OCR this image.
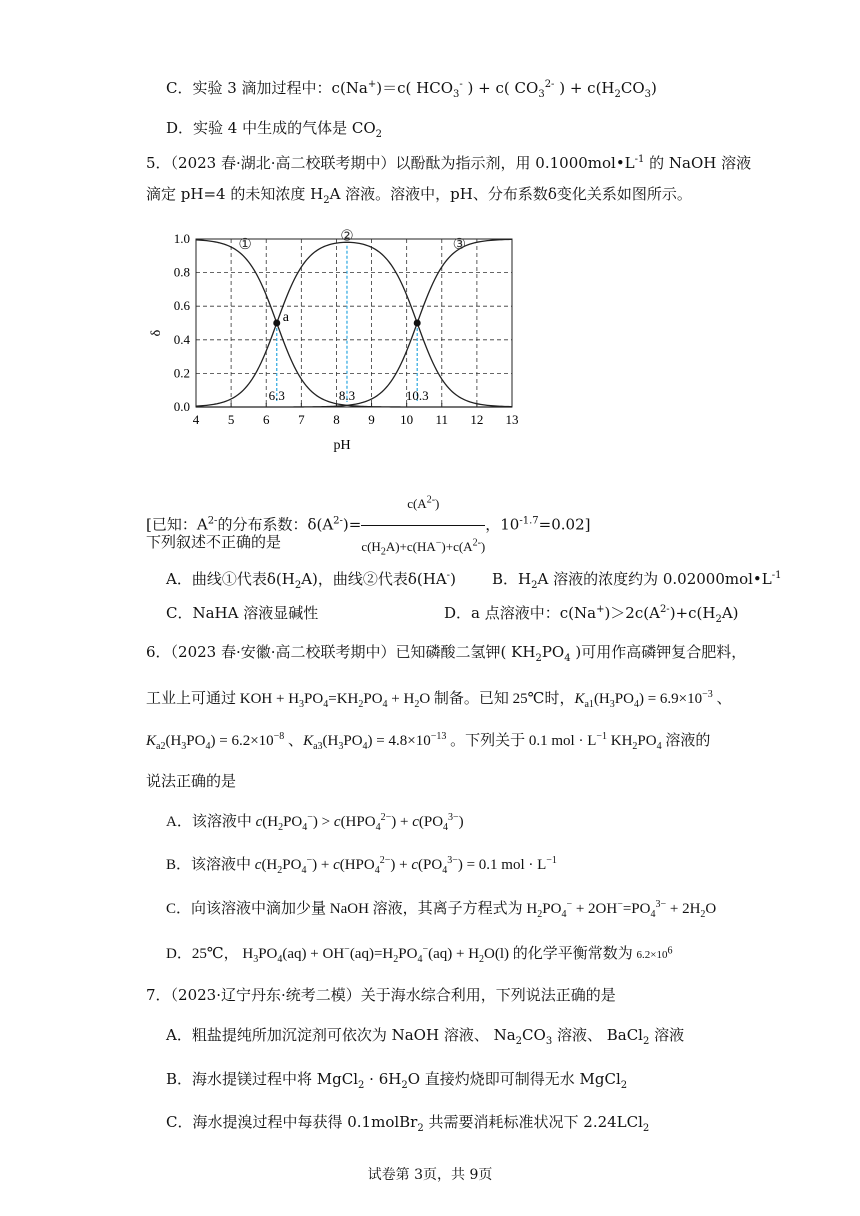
C．实验 3 滴加过程中：c(Na+)＝c( $HCO_3^-$ ) + c( $CO_3^{2-}$ ) + $c(H_2CO_3)$
D．实验 4 中生成的气体是 $CO_2$
5．（2023 春·湖北·高二校联考期中）以酚酞为指示剂，用 $0.1000mol•L^{-1}$ 的 NaOH 溶液
滴定 pH=4 的未知浓度 $H_2A$ 溶液。溶液中，pH、分布系数δ变化关系如图所示。
6.3	8.3	10.3
a
4 5 6 7 8 9 10 11 12 13
0.0
0.2
0.4
0.6
0.8
1.0	①
②
③
pH
δ
[已知：$A^{2-}$的分布系数：$\delta(A^{2-})= \frac{c(A^{2-})}{c(H_2A)+c(HA^-)+c(A^{2-})}$ ，$10^{-1.7}=0.02$]
下列叙述不正确的是
A．曲线①代表$\delta(H_2A)$，曲线②代表δ(HA-) B．$H_2A$ 溶液的浓度约为 $0.02000mol•L^{-1}$
C．NaHA 溶液显碱性	D．a 点溶液中：$c(Na^+)>2c(A^{2-})+c(H_2A)$
6．（2023 春·安徽·高二校联考期中）已知磷酸二氢钾( $KH_2PO_4$ )可用作高磷钾复合肥料，
工业上可通过 KOH + $H_3PO_4=KH_2PO_4 + H_2O$ 制备。已知 25℃时，$K_{a1}(H_3PO_4) = 6.9\times 10^{-3}$ 、
$K_{a2}(H_3PO_4) = 6.2\times 10^{-8}$ 、$K_{a3}(H_3PO_4) = 4.8\times 10^{-13}$ 。下列关于 0.1 mol · $L^{-1}$ $KH_2PO_4$ 溶液的
说法正确的是
A．该溶液中 $c(H_2PO_4^-) > c(HPO_4^{2-}) + c(PO_4^{3-})$
B．该溶液中 $c(H_2PO_4^-) + c(HPO_4^{2-}) + c(PO_4^{3-}) = 0.1$ mol · $L^{-1}$
C．向该溶液中滴加少量 NaOH 溶液，其离子方程式为 $H_2PO_4^- + 2OH^-=PO_4^{3-} + 2H_2O$
D．25℃， $H_3PO_4(aq) + OH^-(aq)=H_2PO_4^-(aq) + H_2O(l)$ 的化学平衡常数为 $6.2\times 10^6$
7．（2023·辽宁丹东·统考二模）关于海水综合利用，下列说法正确的是
A．粗盐提纯所加沉淀剂可依次为 NaOH 溶液、 $Na_2CO_3$ 溶液、 BaCl$_2$ 溶液
B．海水提镁过程中将 MgCl$_2$ · $6H_2O$ 直接灼烧即可制得无水 MgCl$_2$
C．海水提溴过程中每获得 0.1molBr$_2$ 共需要消耗标准状况下 2.24LCl$_2$
试卷第 3页，共 9页
